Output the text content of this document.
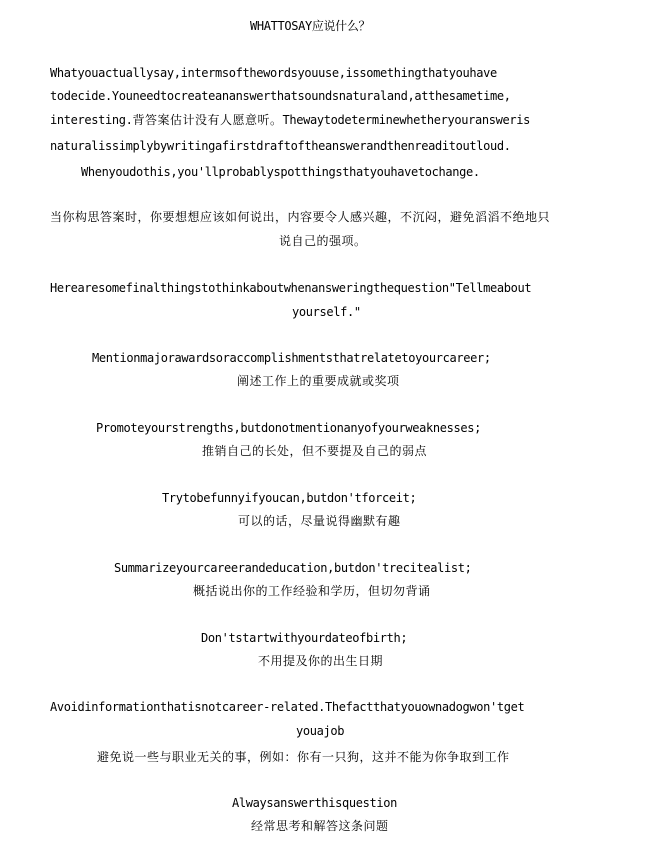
WHATTOSAY应说什么？
Whatyouactuallysay,intermsofthewordsyouuse,issomethingthatyouhave
todecide.Youneedtocreateananswerthatsoundsnaturaland,atthesametime,
interesting.背答案估计没有人愿意听。Thewaytodeterminewhetheryouransweris
naturalissimplybywritingafirstdraftoftheanswerandthenreaditoutloud.
Whenyoudothis,you'llprobablyspotthingsthatyouhavetochange.
当你构思答案时，你要想想应该如何说出，内容要令人感兴趣，不沉闷，避免滔滔不绝地只
说自己的强项。
Herearesomefinalthingstothinkaboutwhenansweringthequestion"Tellmeabout
yourself."
Mentionmajorawardsoraccomplishmentsthatrelatetoyourcareer;
阐述工作上的重要成就或奖项
Promoteyourstrengths,butdonotmentionanyofyourweaknesses;
推销自己的长处，但不要提及自己的弱点
Trytobefunnyifyoucan,butdon'tforceit;
可以的话，尽量说得幽默有趣
Summarizeyourcareerandeducation,butdon'trecitealist;
概括说出你的工作经验和学历，但切勿背诵
Don'tstartwithyourdateofbirth;
不用提及你的出生日期
Avoidinformationthatisnotcareer-related.Thefactthatyouownadogwon'tget
youajob
避免说一些与职业无关的事，例如：你有一只狗，这并不能为你争取到工作
Alwaysanswerthisquestion
经常思考和解答这条问题
